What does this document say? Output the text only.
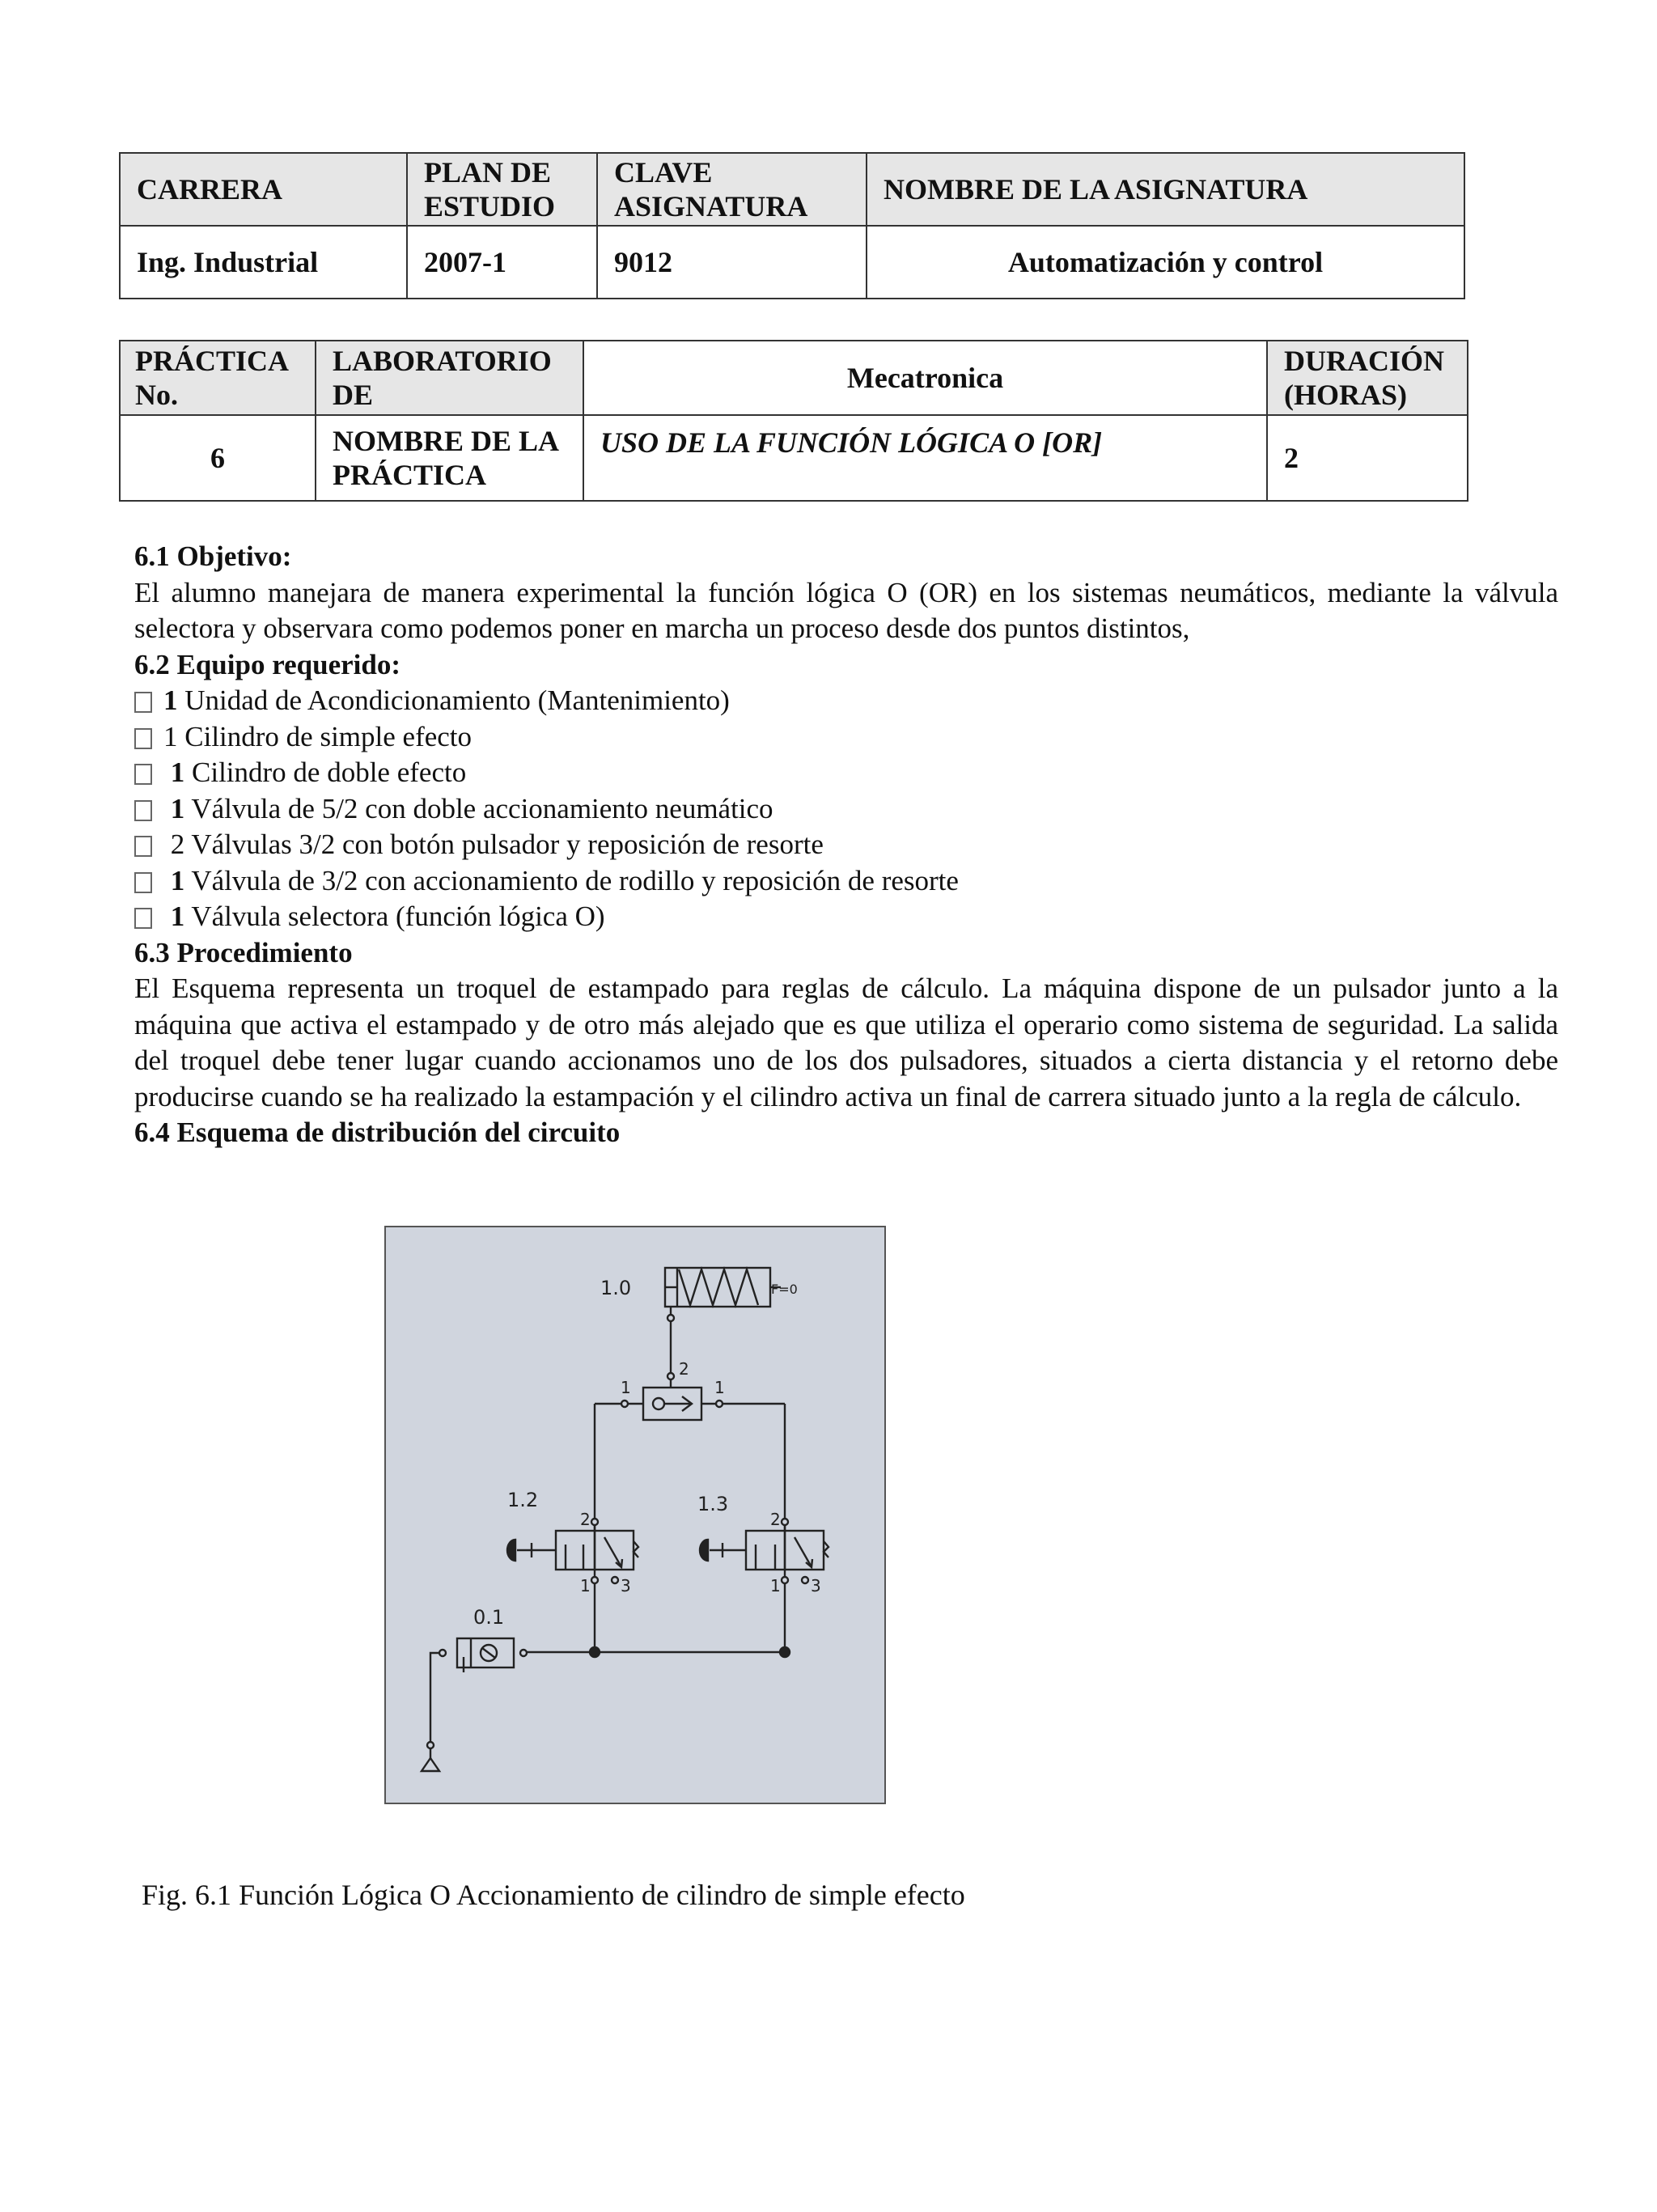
CARRERA	PLAN DE ESTUDIO	CLAVE ASIGNATURA	NOMBRE DE LA ASIGNATURA
Ing. Industrial	2007-1	9012	Automatización y control
PRÁCTICA No.	LABORATORIO DE	Mecatronica	DURACIÓN (HORAS)
6	NOMBRE DE LA PRÁCTICA	USO DE LA FUNCIÓN LÓGICA O [OR]	2

6.1 Objetivo:

El alumno manejara de manera experimental la función lógica O (OR) en los sistemas neumáticos, mediante la válvula selectora y observara como podemos poner en marcha un proceso desde dos puntos distintos,

6.2 Equipo requerido:

1 Unidad de Acondicionamiento (Mantenimiento)

1 Cilindro de simple efecto

1 Cilindro de doble efecto

1 Válvula de 5/2 con doble accionamiento neumático

2 Válvulas 3/2 con botón pulsador y reposición de resorte

1 Válvula de 3/2 con accionamiento de rodillo y reposición de resorte

1 Válvula selectora (función lógica O)

6.3 Procedimiento

El Esquema representa un troquel de estampado para reglas de cálculo. La máquina dispone de un pulsador junto a la máquina que activa el estampado y de otro más alejado que es que utiliza el operario como sistema de seguridad. La salida del troquel debe tener lugar cuando accionamos uno de los dos pulsadores, situados a cierta distancia y el retorno debe producirse cuando se ha realizado la estampación y el cilindro activa un final de carrera situado junto a la regla de cálculo.

6.4 Esquema de distribución del circuito

1.0	F=0
2
1	1
1.2
2
1 3
1.3
2
1 3
0.1
Fig. 6.1 Función Lógica O Accionamiento de cilindro de simple efecto
